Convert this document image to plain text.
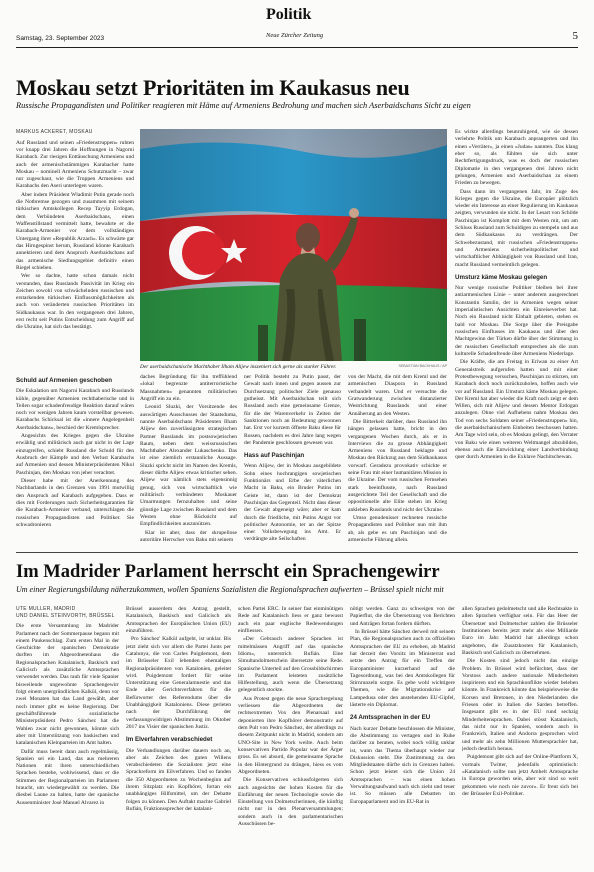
Samstag, 23. September 2023
Politik
Neue Zürcher Zeitung	5
Moskau setzt Prioritäten im Kaukasus neu
Russische Propagandisten und Politiker reagieren mit Häme auf Armeniens Bedrohung und machen sich Aserbaidschans Sicht zu eigen
MARKUS ACKERET, MOSKAU

Auf Russland und seinen «Friedenstruppen» ruhten vor knapp drei Jahren die Hoffnungen in Nagorni Karabach. Zur riesigen Enttäuschung Armeniens und auch der armenischstämmigen Karabacher hatte Moskau – nominell Armeniens Schutzmacht – zwar nur zugeschaut, wie die Truppen Armeniens und Karabachs den Aseri unterlegen waren.

Aber indem Präsident Wladimir Putin gerade noch die Notbremse gezogen und zusammen mit seinem türkischen Amtskollegen Recep Tayyip Erdogan, dem Verbündeten Aserbaidschans, einen Waffenstillstand vermittelt hatte, bewahrte er die Karabach-Armenier vor dem vollständigen Untergang ihrer «Republik Arzach». Es schwärte gar das Hirngespinst herum, Russland könnte Karabach annektieren und dem Anspruch Aserbaidschans auf das armenische Siedlungsgebiet definitiv einen Riegel schieben.

Wer so dachte, hatte schon damals nicht verstanden, dass Russlands Passivität im Krieg ein Zeichen sowohl von schwächelnden russischen und erstarkenden türkischen Einflussmöglichkeiten als auch von veränderten russischen Prioritäten im Südkaukasus war. In den vergangenen drei Jahren, erst recht seit Putins Entscheidung zum Angriff auf die Ukraine, hat sich das bestätigt.

Schuld auf Armenien geschoben

Die Eskalation um Nagorni Karabach und Russlands kühle, gegenüber Armenien rechthaberische und in Teilen sogar schadenfreudige Reaktion darauf wären noch vor wenigen Jahren kaum vorstellbar gewesen. Karabachs Schicksal ist die «innere Angelegenheit Aserbaidschans», beschied der Kremlsprecher.

Angesichts des Krieges gegen die Ukraine erwählig und militärisch auch gar nicht in der Lage einzugreifen, schiebt Russland die Schuld für den Ausbruch der Kämpfe und den Verlust Karabachs auf Armenien und dessen Ministerpräsidenten Nikol Paschinjan, den Moskau von jeher verachtet.

Dieser habe mit der Anerkennung des Nachbarlands in den Grenzen von 1991 mutwillig den Anspruch auf Karabach aufgegeben. Dass er dies mit Forderungen nach Sicherheitsgarantien für die Karabach-Armenier verband, unterschlagen die russischen Propagandisten und Politiker. Sie schwadronieren

Der aserbaidschanische Machthaber Ilham Alijew inszeniert sich gerne als starker Führer.	SEBASTIAN BACKHAUS / AP

daches Begründung für ihn treffühlend «lokal begrenzte antiterroristische Massnahmen» genannten militärischen Angriff ein zu ein.

Leonid Sluzki, der Vorsitzende des auswärtigen Ausschusses der Staatsduma, nannte Aserbaidschans Präsidenten Ilham Alijew den zuverlässigsten strategischen Partner Russlands im postsowjetischen Raum, neben dem weissrussischen Machthaber Alexander Lukaschenko. Das ist eine ziemlich erstaunliche Aussage. Sluzki spricht nicht im Namen des Kremls, dieser dürfte Alijew etwas kritischer sehen. Alijew war nämlich stets eigensinnig genug, sich von wirtschaftlich wie militärisch verbündeten Moskauer Umarmungen fernzuhalten und seine günstige Lage zwischen Russland und dem Westen ohne Rücksicht auf Empfindlichkeiten auszunützen.

Klar ist aber, dass der skrupellose autoritäre Herrscher von Baku mit seinem

ner Politik besteht zu Putin passt, der Gewalt nach innen und gegen aussen zur Durchsetzung politischer Ziele genauso gutheisst. Mit Aserbaidschan teilt sich Russland auch eine gemeinsame Grenze, für die der Warenverkehr in Zeiten der Sanktionen noch an Bedeutung gewonnen hat. Erst vor kurzem öffnete Baku diese für Russen, nachdem es drei Jahre lang wegen der Pandemie geschlossen gewesen war.

Hass auf Paschinjan

Wenn Alijew, der in Moskau ausgebildete Sohn eines hochrangigen sowjetischen Funktionärs und Erbe der väterlichen Macht in Baku, ein Bruder Putins im Geiste ist, dann ist der Demokrat Paschinjan das Gegenteil. Nicht dass dieser der Gewalt abgeneigt wäre; aber er kam durch die friedliche, mit Putins Angst vor politischer Autonomie, ter an der Spitze einer Volksbewegung ins Amt. Er verdrängte alte Seilschaften

von der Macht, die mit dem Kreml und der armenischen Diaspora in Russland verbandelt waren. Und er versuchte die Gratwanderung zwischen distanzierter Westrichtung Russlands und einer Annäherung an den Westen.

Die Bitterkeit darüber, dass Russland ihn hängen gelassen hatte, bricht in den vergangenen Wochen durch, als er in Interviews die zu grosse Abhängigkeit Armeniens von Russland beklagte und Moskau den Rückzug aus dem Südkaukasus vorwarf. Geradezu provokativ schickte er seine Frau mit einer humanitären Mission in die Ukraine. Der vom russischen Fernsehen stark beeinflusste, nach Russland ausgerichtete Teil der Gesellschaft und die oppositionelle alte Elite stehen im Krieg ankleben Russlands und nicht der Ukraine.

Umso genudenisser rechneten russische Propagandisten und Politiker nun mit ihm ab, als gebe es um Paschinjan und die armenische Führung allein.

Es wirkte allerdings beunruhigend, wie sie dessen verlehrte Politik um Karabach anprangerten und ihn einen «Verräter», ja einen «Judas» nannten. Das klang eher so, als fühlten sie sich unter Rechtfertigungsdruck, was es doch der russischen Diplomatie in den vergangenen drei Jahren nicht gelungen, Armenien und Aserbaidschan zu einem Frieden zu bewegen.

Dass dann im vergangenen Jahr, im Zuge des Krieges gegen die Ukraine, die Europäer plötzlich wieder ein Interesse an einer Regulierung im Kaukasus zeigten, verwunden sie nicht. In der Lesart von Schilde Paschinjan ist Komplott mit dem Westen mit, um am Schluss Russland zum Schuldigen zu stempeln und aus dem Südkaukasus zu verdrängen. Der Schwebezustand, mit russischen «Friedenstruppen» und Armeniens sicherheitspolitischer und wirtschaftlicher Abhängigkeit von Russland und Iran, macht Russland vermeintlich gelegen.

Umsturz käme Moskau gelegen

Nur wenige russische Politiker bleiben bei ihrer antiarmenischen Linie – unter anderem ausgerechnet Konstantin Satulin, der in Armenien wegen seiner imperialistischen Ansichten ein Einreiseverbot hat. Noch ein Russland nicht Einhalt gebieten, stehen es bald vor Moskau. Die Sorge über die Preisgabe russischen Einflusses im Kaukasus und über den Machtgewinn der Türken dürfte über der Stimmung in der russischen Gesellschaft entsprechen als die zum kulturelle Schadenfreude über Armeniens Niederlage.

Die Kräfte, die am Freitag in Eriwan zu einer Art Generalstreik aufgerufen hatten und mit einer Protestbewegung versuchen, Paschinjan zu stürzen, um Karabach doch noch zurückzuholen, hoffen auch wie vor auf Russland. Ein Umsturz käme Moskau gelegen. Der Kreml hat aber wieder die Kraft noch zeigt er dem Willen, sich mit Alijew und dessen Mentor Erdogan anzulegen. Ohne viel Aufhebens nahm Moskau den Tod von sechs Soldaten seiner «Friedenstruppen» hin, die aserbaidschanischem Einheiten beschossen hatten. Am Tage wird sein, ob es Moskau gelingt, den Verrater von Baku wie einen weiteren Weltmangel abzubilden, ebenso auch die Entwicklung einer Landverbindung quer durch Armenien in die Exklave Nachitschewan.

Im Madrider Parlament herrscht ein Sprachengewirr
Um einer Regierungsbildung näherzukommen, wollen Spaniens Sozialisten die Regionalsprachen aufwerten – Brüssel spielt nicht mit
UTE MÜLLER, MADRID
UND DANIEL STEINVORTH, BRÜSSEL

Die erste Versammlung im Madrider Parlament nach der Sommerpause begann mit einem Paukenschlag. Zum ersten Mal in der Geschichte der spanischen Demokratie durften im Abgeordnetenhaus die Regionalsprachen Katalanisch, Baskisch und Galicisch als zusätzliche Amtssprachen verwendet werden. Das rauh für viele Spanier bisweilende ungewohnte Sprachengewirr folgt einem unergründlichen Kalkül, denn vor zwei Monaten hat das Land gewählt, aber noch immer gibt es keine Regierung. Der geschäftsführende sozialistische Ministerpräsident Pedro Sánchez hat die Wahlen zwar nicht gewonnen, könnte sich aber mit Unterstützung von baskischen und katalanischen Kleinparteien im Amt halten.

Dafür muss bereit dann auch regelmässig, Spanien sei ein Land, das aus mehreren Nationen mit ihren unterschiedlichen Sprachen bestehe, wohlwissend, dass er die Stimmen der Regionalparteien im Parlament braucht, um wiedergewählt zu werden. Die diesbei Laune zu halten, hatte der spanische Aussenminister José Manuel Alvarez in

Brüssel ausserdem den Antrag gestellt, Katalanisch, Baskisch und Galicisch als Amtssprachen der Europäischen Union (EU) einzuführen.

Pro Sánchez' Kalkül aufgeht, ist unklar. Bis jetzt zieht sich vor allem die Partei Junts per Catalunya, die von Carles Puigdemont, dem im Brüsseler Exil lebenden ehemaligen Regionalpräsidenten von Katalonien, geleitet wird. Puigdemont fordert für seine Unterstützung eine Generalamnestie und das Ende aller Gerichtsverfahren für die Befürworter des Referendums über die Unabhängigkeit Kataloniens. Diese gerieten nach der Durchführung der verfassungswidrigen Abstimmung im Oktober 2017 ins Visier der spanischen Justiz.

Im Elverfahren verabschiedet

Die Verhandlungen darüber dauern noch an, aber als Zeichen des guten Willens verabschiedeten die Sozialisten jetzt eine Sprachreform im Eilverfahren. Und so fanden die 350 Abgeordneten zu Wochenbeginn auf ihrem Sitzplatz ein Kopfhörer, fortan ein unabhängiges Hilfsmittel, um der Debatte folgen zu können. Den Auftakt machte Gabriel Rufián, Fraktionssprecher der katalani-

schen Partei ERC. In seiner fast einminütigen Rede auf Katalanisch liess er ganz bewusst auch ein paar englische Redewendungen einfliessen.

«Der Gebrauch anderer Sprachen ist mittelmässen Angriff auf das spanische Idiom», unterstrich Rufián. Eine Simultandolmetschein übersetzte seine Rede. Spanische Unterteil auf den Grossbildschirmen im Parlament leisteten zusätzliche Hilfestellung, auch wenn die Übersetzung gelegentlich stockte.

Aus Protest gegen die neue Sprachregelung verliessen die Abgeordneten der rechtsextremen Vox den Plenarsaal und deponierten ihre Kopfhörer demonstrativ auf dem Pult von Pedro Sánchez, der allerdings zu diesem Zeitpunkt nicht in Madrid, sondern am UNO-Site in New York weilte. Auch beim konservativen Partido Popular war der Ärger gross. Es sei absurd, die gemeinsame Sprache in den Hintergrund zu drängen, hiess es vom Abgeordneten.

Die Konservativen schlussfolgerten sich auch angesichts der hohen Kosten für die Einführung der neuen Technologie sowie die Einstellung von Dolmetscherinnen, die künftig nicht nur in den Plenarversammlungen; sondern auch in den parlamentarischen Ausschüssen be-

nötigt werden. Ganz zu schweigen von der Papierflut, die die Übersetzung von Berichten und Anträgen fortan fordern dürften.

In Brüssel hätte Sánchez derweil mit seinem Plan, die Regionalsprachen auch zu offiziellen Amtssprachen der EU zu erheben, ab Madrid hat derzeit den Vorsitz im Ministerrat und setzte den Antrag für ein Treffen der Europaminister kurzerhand auf die Tagesordnung, was bei den Amtskollegen für Stirnrunzeln sorgte. Es gebe wohl wichtigere Themen, wie die Migrationskrise auf Lampedusa oder den anstehenden EU-Gipfel, lästerte ein Diplomat.

24 Amtssprachen in der EU

Nach kurzer Debatte beschlossen die Minister, die Abstimmung zu vertagen und in Ruhe darüber zu beraten, wobei noch völlig unklar ist, wann das Thema überhaupt wieder zur Diskussion steht. Die Zustimmung zu den Mitgliedstaaten dürfte sich in Grenzen halten. Schon jetzt leistet sich die Union 24 Amtssprachen – was einen hohen Verwaltungsaufwand nach sich zieht und teuer ist. So müssen alle Debatten im Europaparlament und im EU-Rat in

allen Sprachen gedolmetscht und alle Rechtsakte in allen Sprachen verfügbar sein. Für das Heer der Übersetzer und Dolmetscher zahlen die Brüsseler Institutionen bereits jetzt mehr als eine Milliarde Euro im Jahr. Madrid hat allerdings schon angeboten, die Zusatzkosten für Katalanisch, Baskisch und Galicisch zu übernehmen.

Die Kosten sind jedoch nicht das einzige Problem. In Brüssel wird befürchtet, dass der Vorstoss auch andere nationale Minderheiten inspirieren und ein Sprachkonflikte wieder beleben könnte. In Frankreich könnte das beispielsweise die Korsen und Bretonen, in den Niederlanden die Friesen oder in Italien die Sarden betreffen. Insgesamt gibt es in der EU rund sechzig Minderheitensprachen. Dabei stösst Katalanisch, das nicht nur in Spanien, sondern auch in Frankreich, Italien und Andorra gesprochen wird und mehr als zehn Millionen Muttersprachler hat, jedoch deutlich heraus.

Puigdemont gibt sich auf der Online-Plattform X, vormals Twitter, jedenfalls optimistisch: «Katalanisch sollte nun jetzt Amhelt Amtssprache in Europa geworden sein, aber wir sind so weit gekommen wie noch nie zuvor». Er freut sich bei der Brüsseler Exil-Politiker.
